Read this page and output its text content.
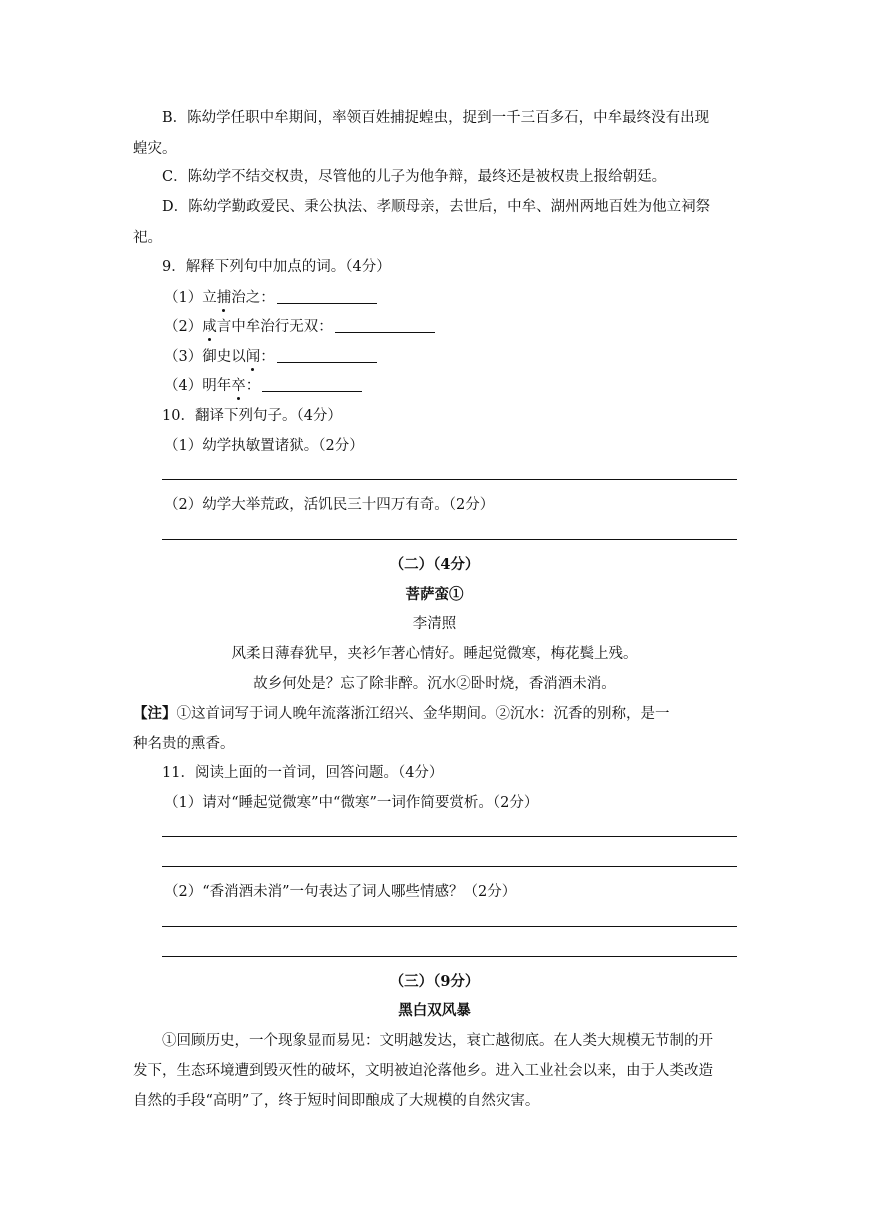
B．陈幼学任职中牟期间，率领百姓捕捉蝗虫，捉到一千三百多石，中牟最终没有出现
蝗灾。
C．陈幼学不结交权贵，尽管他的儿子为他争辩，最终还是被权贵上报给朝廷。
D．陈幼学勤政爱民、秉公执法、孝顺母亲，去世后，中牟、湖州两地百姓为他立祠祭
祀。
9．解释下列句中加点的词。（4分）
（1）立捕治之：
（2）咸言中牟治行无双：
（3）御史以闻：
（4）明年卒：
10．翻译下列句子。（4分）
（1）幼学执敏置诸狱。（2分）
（2）幼学大举荒政，活饥民三十四万有奇。（2分）
（二）（4分）
菩萨蛮①
李清照
风柔日薄春犹早，夹衫乍著心情好。睡起觉微寒，梅花鬓上残。
故乡何处是？忘了除非醉。沉水②卧时烧，香消酒未消。
【注】①这首词写于词人晚年流落浙江绍兴、金华期间。②沉水：沉香的别称，是一
种名贵的熏香。
11．阅读上面的一首词，回答问题。（4分）
（1）请对“睡起觉微寒”中“微寒”一词作简要赏析。（2分）
（2）“香消酒未消”一句表达了词人哪些情感？（2分）
（三）（9分）
黑白双风暴
①回顾历史，一个现象显而易见：文明越发达，衰亡越彻底。在人类大规模无节制的开
发下，生态环境遭到毁灭性的破坏，文明被迫沦落他乡。进入工业社会以来，由于人类改造
自然的手段“高明”了，终于短时间即酿成了大规模的自然灾害。
